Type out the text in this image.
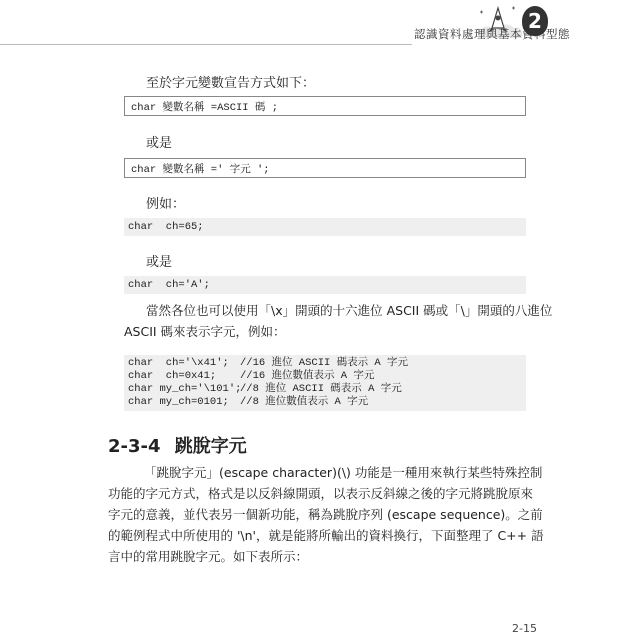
2
認識資料處理與基本資料型態
至於字元變數宣告方式如下：
char 變數名稱 =ASCII 碼 ;
或是
char 變數名稱 =' 字元 ';
例如：
char  ch=65;
或是
char  ch='A';
當然各位也可以使用「\x」開頭的十六進位 ASCII 碼或「\」開頭的八進位
ASCII 碼來表示字元，例如：
char  ch='\x41'; //16 進位 ASCII 碼表示 A 字元
char  ch=0x41; //16 進位數值表示 A 字元
char my_ch='\101';//8 進位 ASCII 碼表示 A 字元
char my_ch=0101; //8 進位數值表示 A 字元
2-3-4 跳脫字元
「跳脫字元」(escape character)(\) 功能是一種用來執行某些特殊控制
功能的字元方式，格式是以反斜線開頭，以表示反斜線之後的字元將跳脫原來
字元的意義，並代表另一個新功能，稱為跳脫序列 (escape sequence)。之前
的範例程式中所使用的 '\n'，就是能將所輸出的資料換行，下面整理了 C++ 語
言中的常用跳脫字元。如下表所示：
2-15
